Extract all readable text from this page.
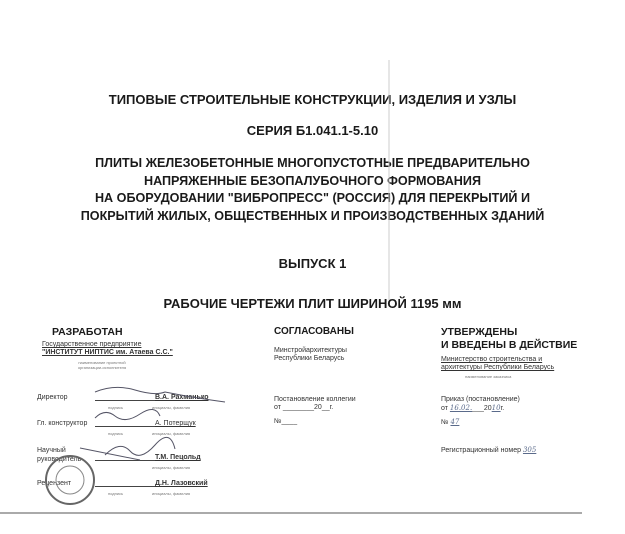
ТИПОВЫЕ СТРОИТЕЛЬНЫЕ КОНСТРУКЦИИ, ИЗДЕЛИЯ И УЗЛЫ
СЕРИЯ Б1.041.1-5.10
ПЛИТЫ ЖЕЛЕЗОБЕТОННЫЕ МНОГОПУСТОТНЫЕ ПРЕДВАРИТЕЛЬНО
НАПРЯЖЕННЫЕ БЕЗОПАЛУБОЧНОГО ФОРМОВАНИЯ
НА ОБОРУДОВАНИИ "ВИБРОПРЕСС" (РОССИЯ) ДЛЯ ПЕРЕКРЫТИЙ И
ПОКРЫТИЙ ЖИЛЫХ, ОБЩЕСТВЕННЫХ И ПРОИЗВОДСТВЕННЫХ ЗДАНИЙ
ВЫПУСК 1
РАБОЧИЕ ЧЕРТЕЖИ ПЛИТ ШИРИНОЙ 1195 мм
РАЗРАБОТАН
Государственное предприятие
"ИНСТИТУТ НИПТИС им. Атаева С.С."
наименование проектной организации-исполнителя
Директор	В.А. Рахманько
подпись	инициалы, фамилия
Гл. конструктор	А. Потерщук
подпись	инициалы, фамилия
Научный руководитель	Т.М. Пецольд
инициалы, фамилия
Рецензент	Д.Н. Лазовский
подпись	инициалы, фамилия
СОГЛАСОВАНЫ
Минстройархитектуры
Республики Беларусь
Постановление коллегии
от ________20__г.
№____
УТВЕРЖДЕНЫ
И ВВЕДЕНЫ В ДЕЙСТВИЕ
Министерство строительства и
архитектуры Республики Беларусь
наименование заказчика
Приказ (постановление)
от 16.02.___2010г.
№ 47
Регистрационный номер 305
